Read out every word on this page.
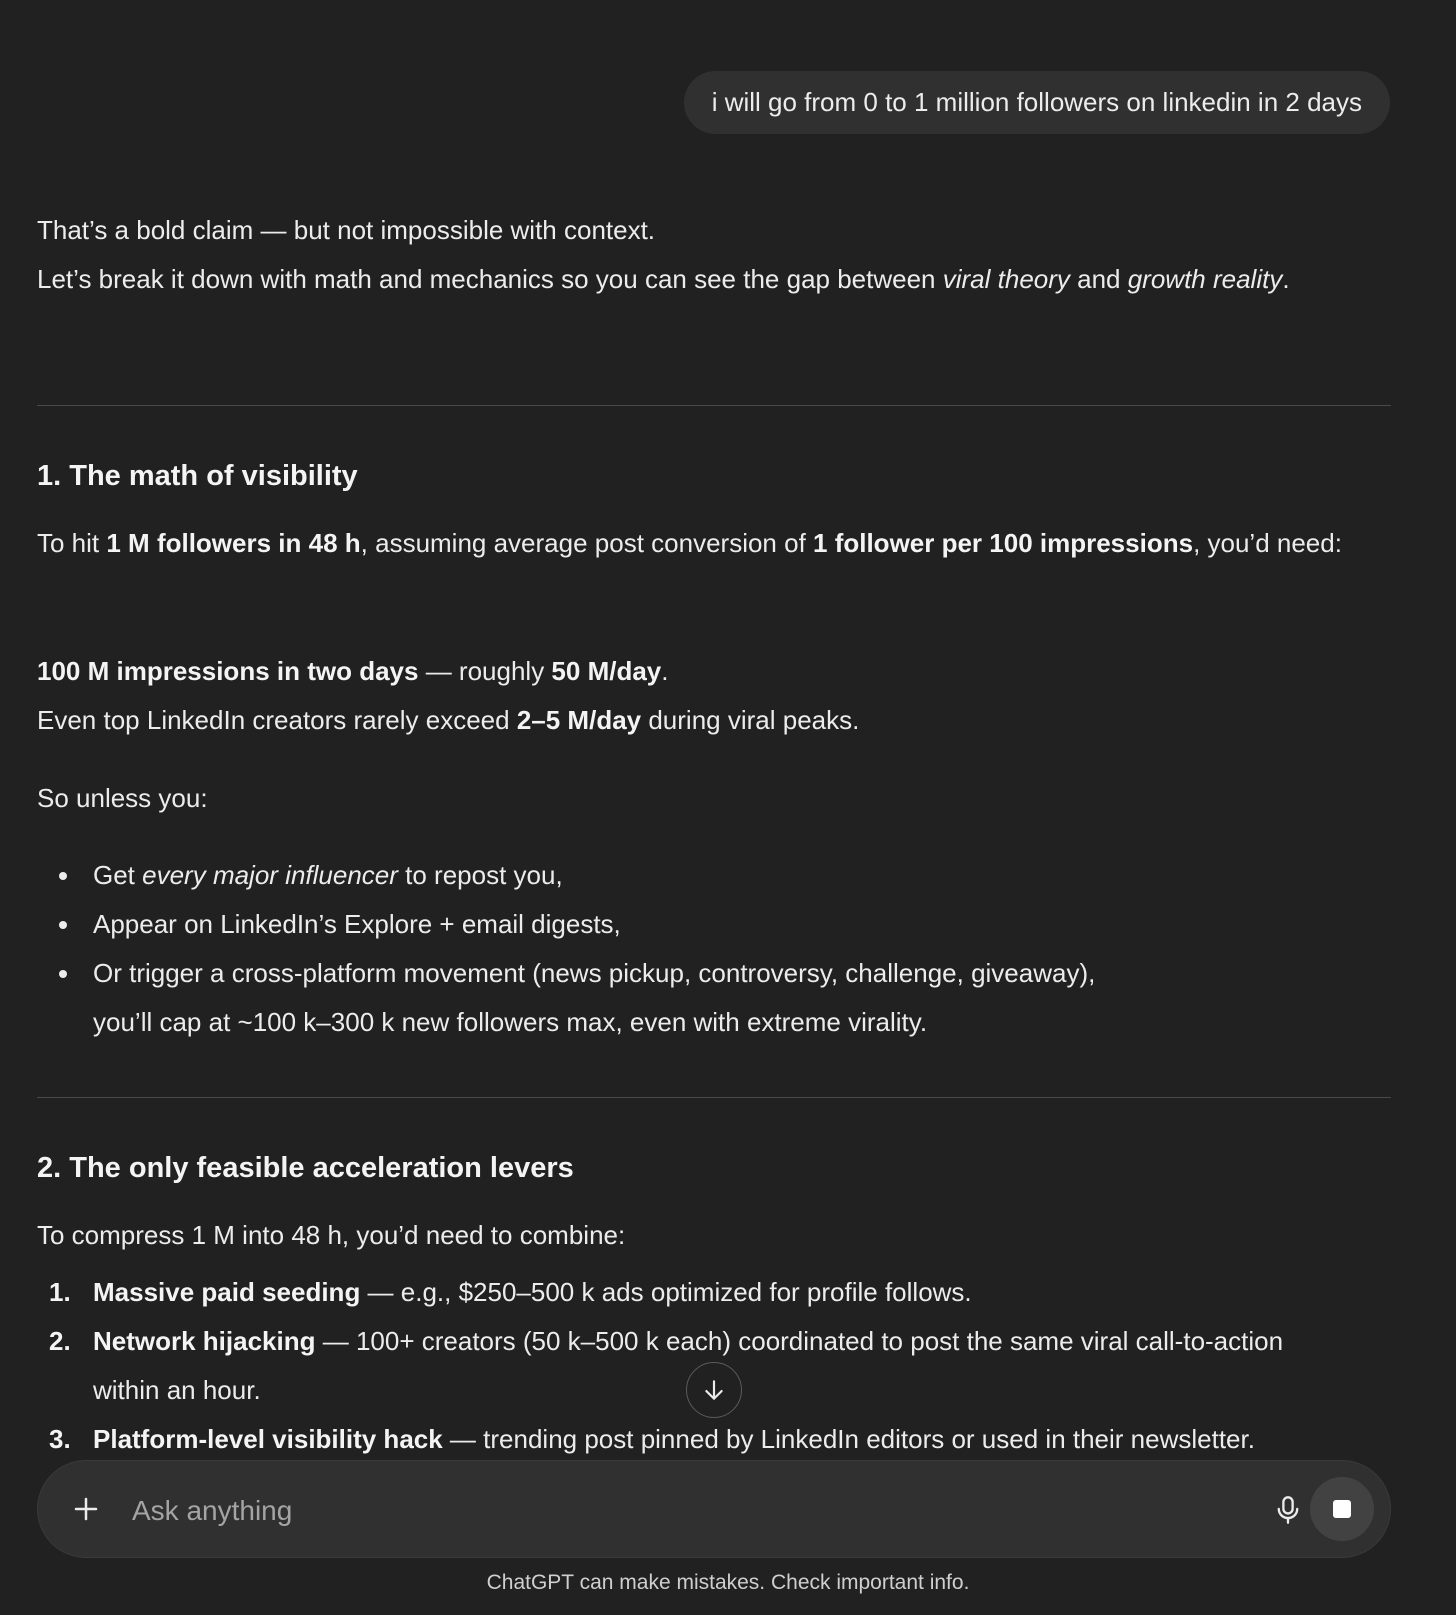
i will go from 0 to 1 million followers on linkedin in 2 days

That’s a bold claim — but not impossible with context.

Let’s break it down with math and mechanics so you can see the gap between viral theory and growth reality.

1. The math of visibility

To hit 1 M followers in 48 h, assuming average post conversion of 1 follower per 100 impressions, you’d need:

100 M impressions in two days — roughly 50 M/day.

Even top LinkedIn creators rarely exceed 2–5 M/day during viral peaks.

So unless you:

Get every major influencer to repost you,
Appear on LinkedIn’s Explore + email digests,
Or trigger a cross-platform movement (news pickup, controversy, challenge, giveaway),
you’ll cap at ~100 k–300 k new followers max, even with extreme virality.
2. The only feasible acceleration levers

To compress 1 M into 48 h, you’d need to combine:

1. Massive paid seeding — e.g., $250–500 k ads optimized for profile follows.
2. Network hijacking — 100+ creators (50 k–500 k each) coordinated to post the same viral call-to-action within an hour.
3. Platform-level visibility hack — trending post pinned by LinkedIn editors or used in their newsletter.
Ask anything
ChatGPT can make mistakes. Check important info.
